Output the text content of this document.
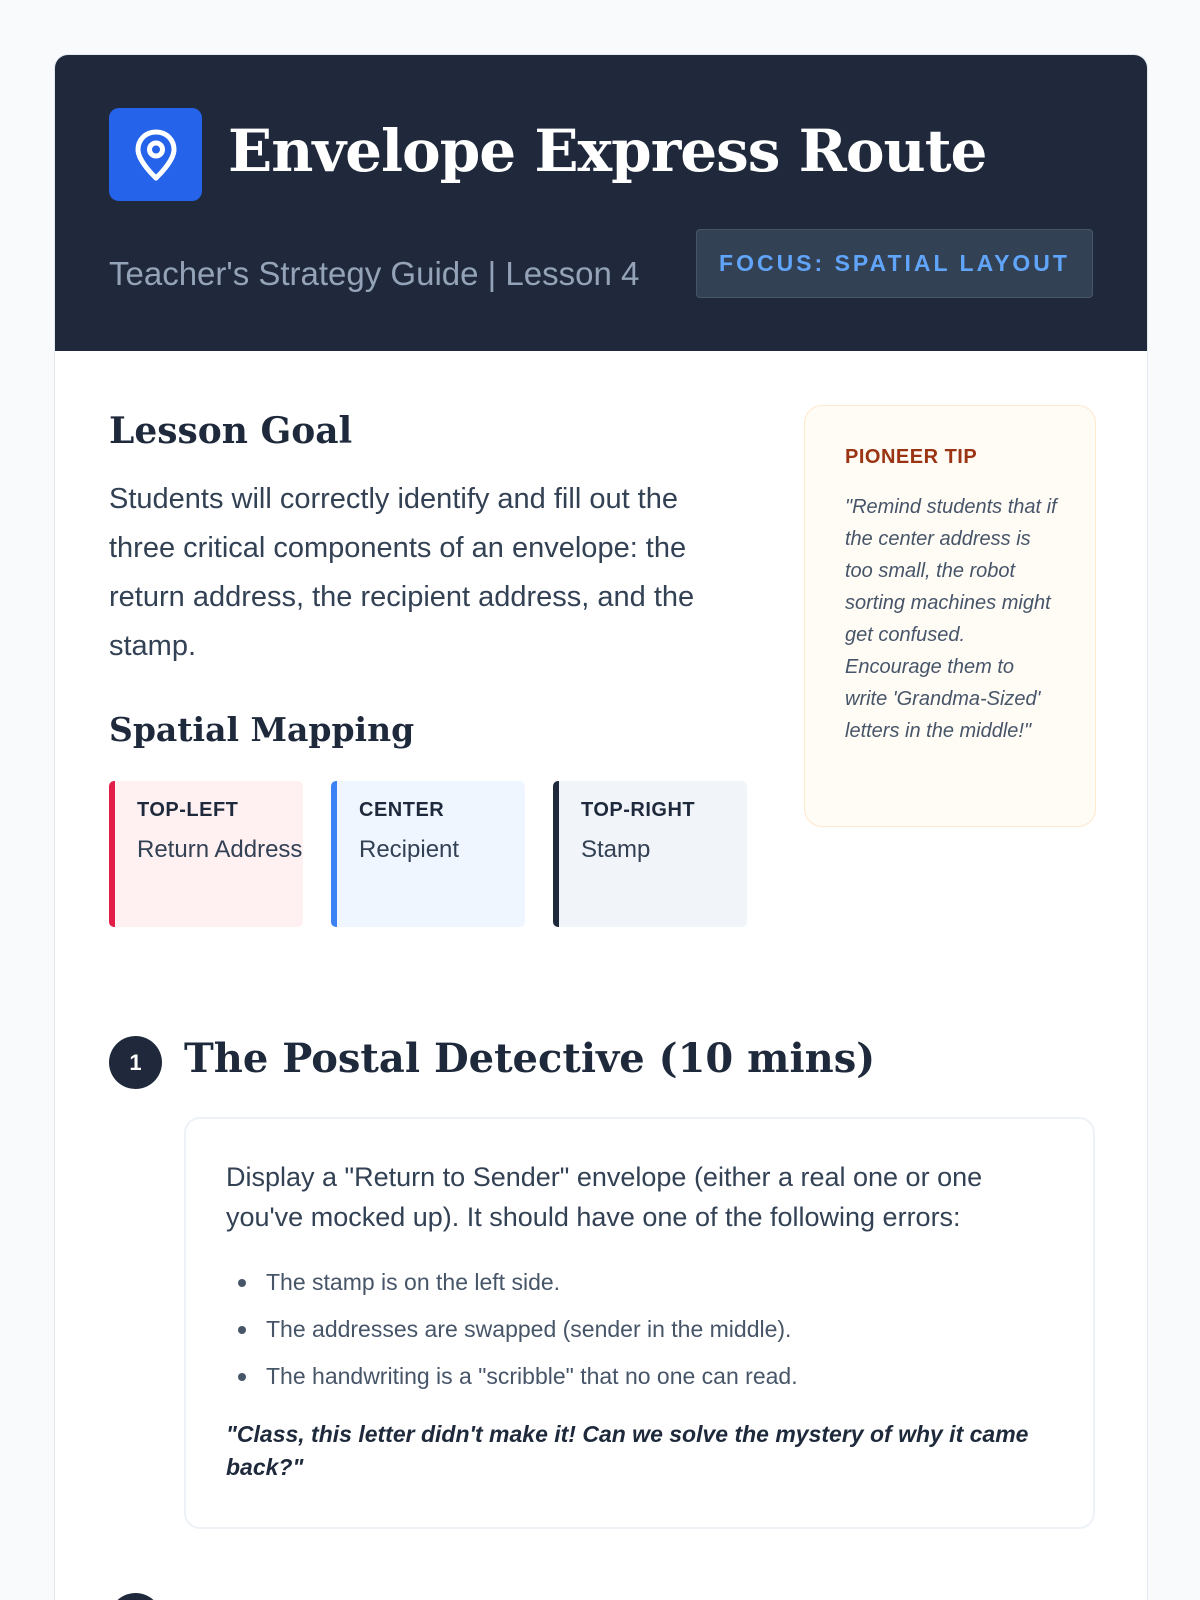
Envelope Express Route
Teacher's Strategy Guide | Lesson 4	FOCUS: SPATIAL LAYOUT
Lesson Goal
Students will correctly identify and fill out the three critical components of an envelope: the return address, the recipient address, and the stamp.
Spatial Mapping
TOP-LEFT
Return Address
CENTER
Recipient
TOP-RIGHT
Stamp
PIONEER TIP
"Remind students that if the center address is too small, the robot sorting machines might get confused. Encourage them to write 'Grandma-Sized' letters in the middle!"
1	The Postal Detective (10 mins)
Display a "Return to Sender" envelope (either a real one or one you've mocked up). It should have one of the following errors:
The stamp is on the left side.
The addresses are swapped (sender in the middle).
The handwriting is a "scribble" that no one can read.
"Class, this letter didn't make it! Can we solve the mystery of why it came back?"
